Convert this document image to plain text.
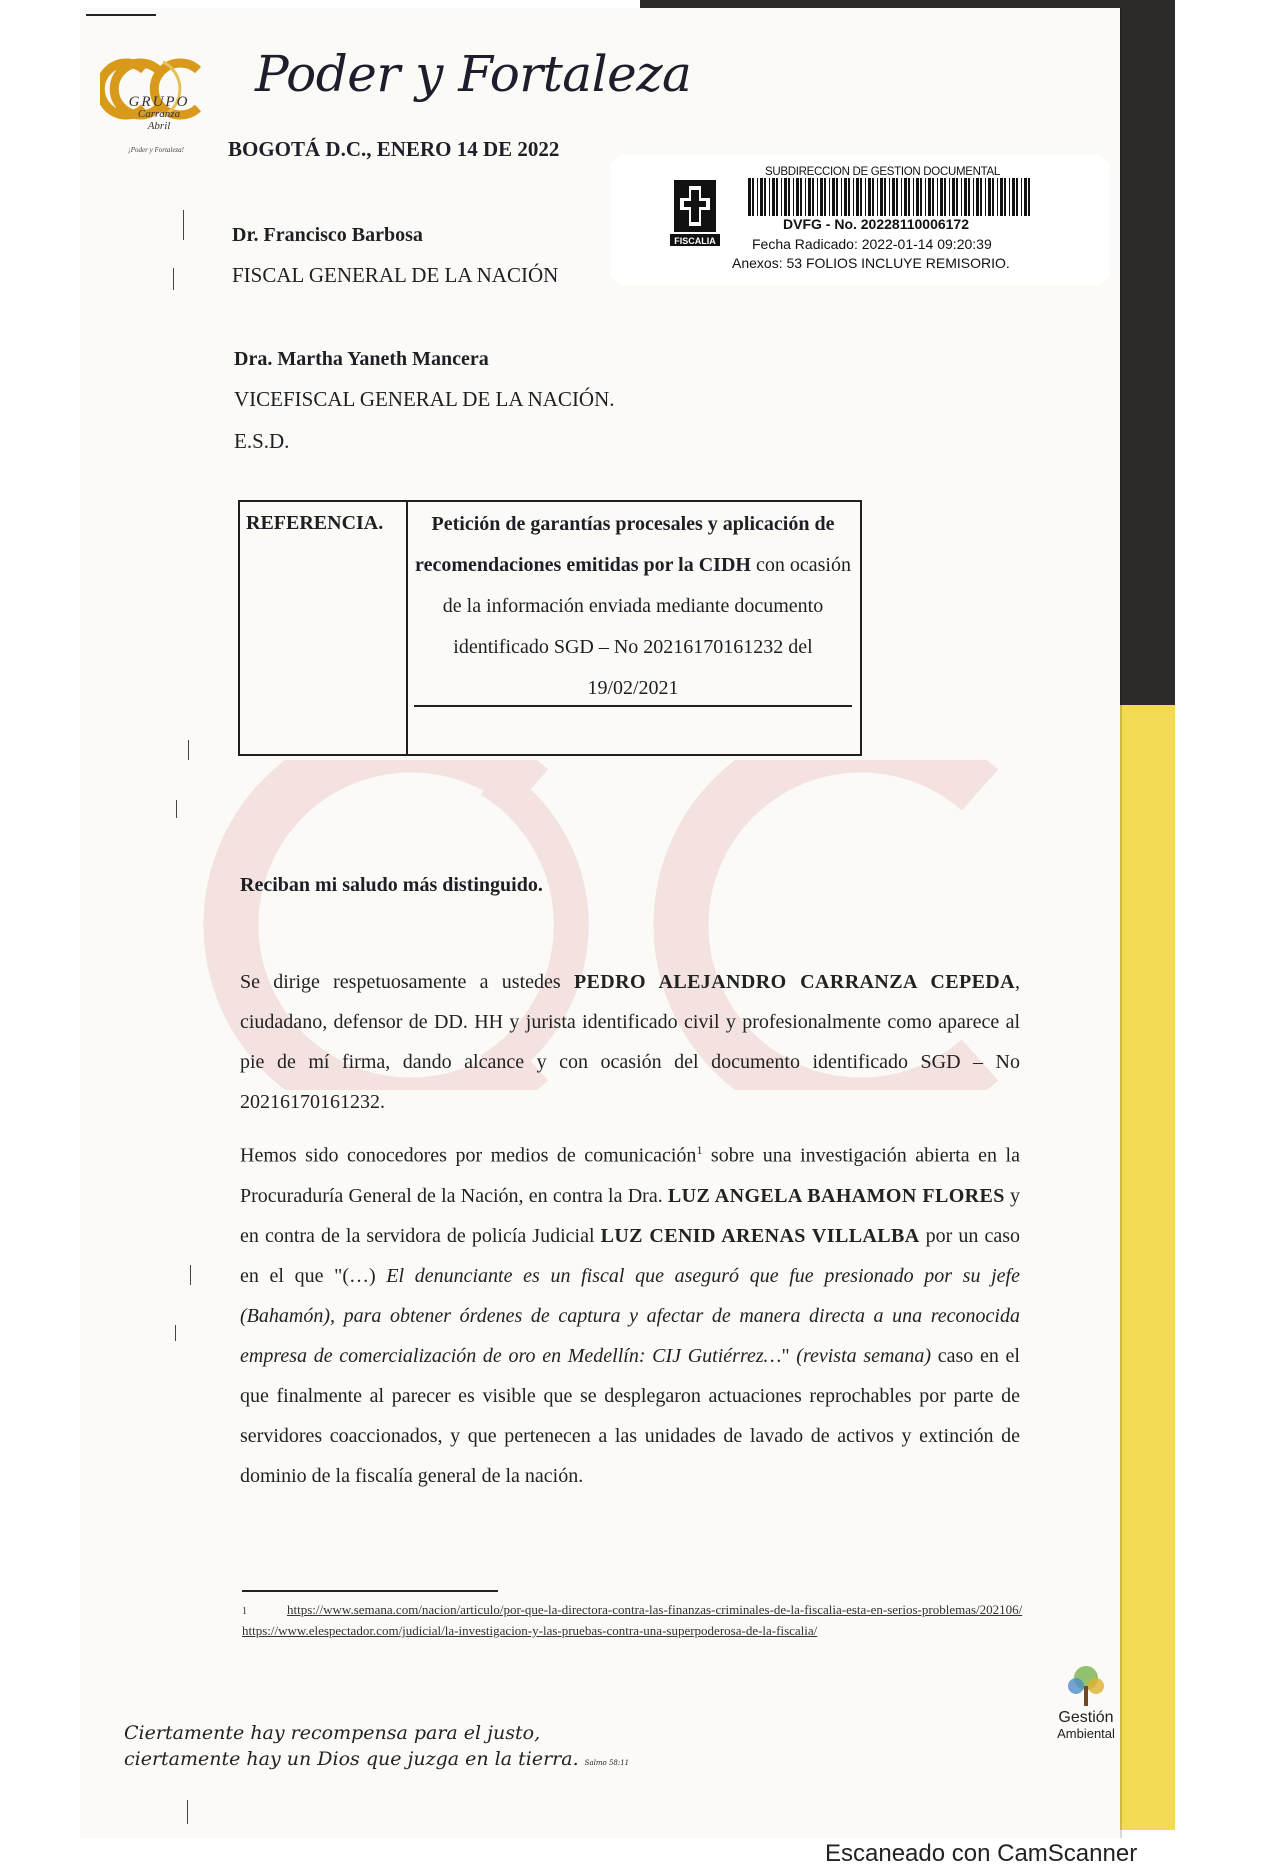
GRUPO
Carranza
Abril
¡Poder y Fortaleza!
Poder y Fortaleza
BOGOTÁ D.C., ENERO 14 DE 2022
FISCALIA
SUBDIRECCION DE GESTION DOCUMENTAL
DVFG - No. 20228110006172
Fecha Radicado: 2022-01-14 09:20:39
Anexos: 53 FOLIOS INCLUYE REMISORIO.
Dr. Francisco Barbosa
FISCAL GENERAL DE LA NACIÓN
Dra. Martha Yaneth Mancera
VICEFISCAL GENERAL DE LA NACIÓN.
E.S.D.
REFERENCIA.	Petición de garantías procesales y aplicación de recomendaciones emitidas por la CIDH con ocasión de la información enviada mediante documento identificado SGD – No 20216170161232 del 19/02/2021
Reciban mi saludo más distinguido.
Se dirige respetuosamente a ustedes PEDRO ALEJANDRO CARRANZA CEPEDA, ciudadano, defensor de DD. HH y jurista identificado civil y profesionalmente como aparece al pie de mí firma, dando alcance y con ocasión del documento identificado SGD – No 20216170161232.
Hemos sido conocedores por medios de comunicación$^1$ sobre una investigación abierta en la Procuraduría General de la Nación, en contra la Dra. LUZ ANGELA BAHAMON FLORES y en contra de la servidora de policía Judicial LUZ CENID ARENAS VILLALBA por un caso en el que "(…) El denunciante es un fiscal que aseguró que fue presionado por su jefe (Bahamón), para obtener órdenes de captura y afectar de manera directa a una reconocida empresa de comercialización de oro en Medellín: CIJ Gutiérrez…" (revista semana) caso en el que finalmente al parecer es visible que se desplegaron actuaciones reprochables por parte de servidores coaccionados, y que pertenecen a las unidades de lavado de activos y extinción de dominio de la fiscalía general de la nación.
1	https://www.semana.com/nacion/articulo/por-que-la-directora-contra-las-finanzas-criminales-de-la-fiscalia-esta-en-serios-problemas/202106/
https://www.elespectador.com/judicial/la-investigacion-y-las-pruebas-contra-una-superpoderosa-de-la-fiscalia/
Ciertamente hay recompensa para el justo,
ciertamente hay un Dios que juzga en la tierra. Salmo 58:11
Gestión
Ambiental
Escaneado con CamScanner
